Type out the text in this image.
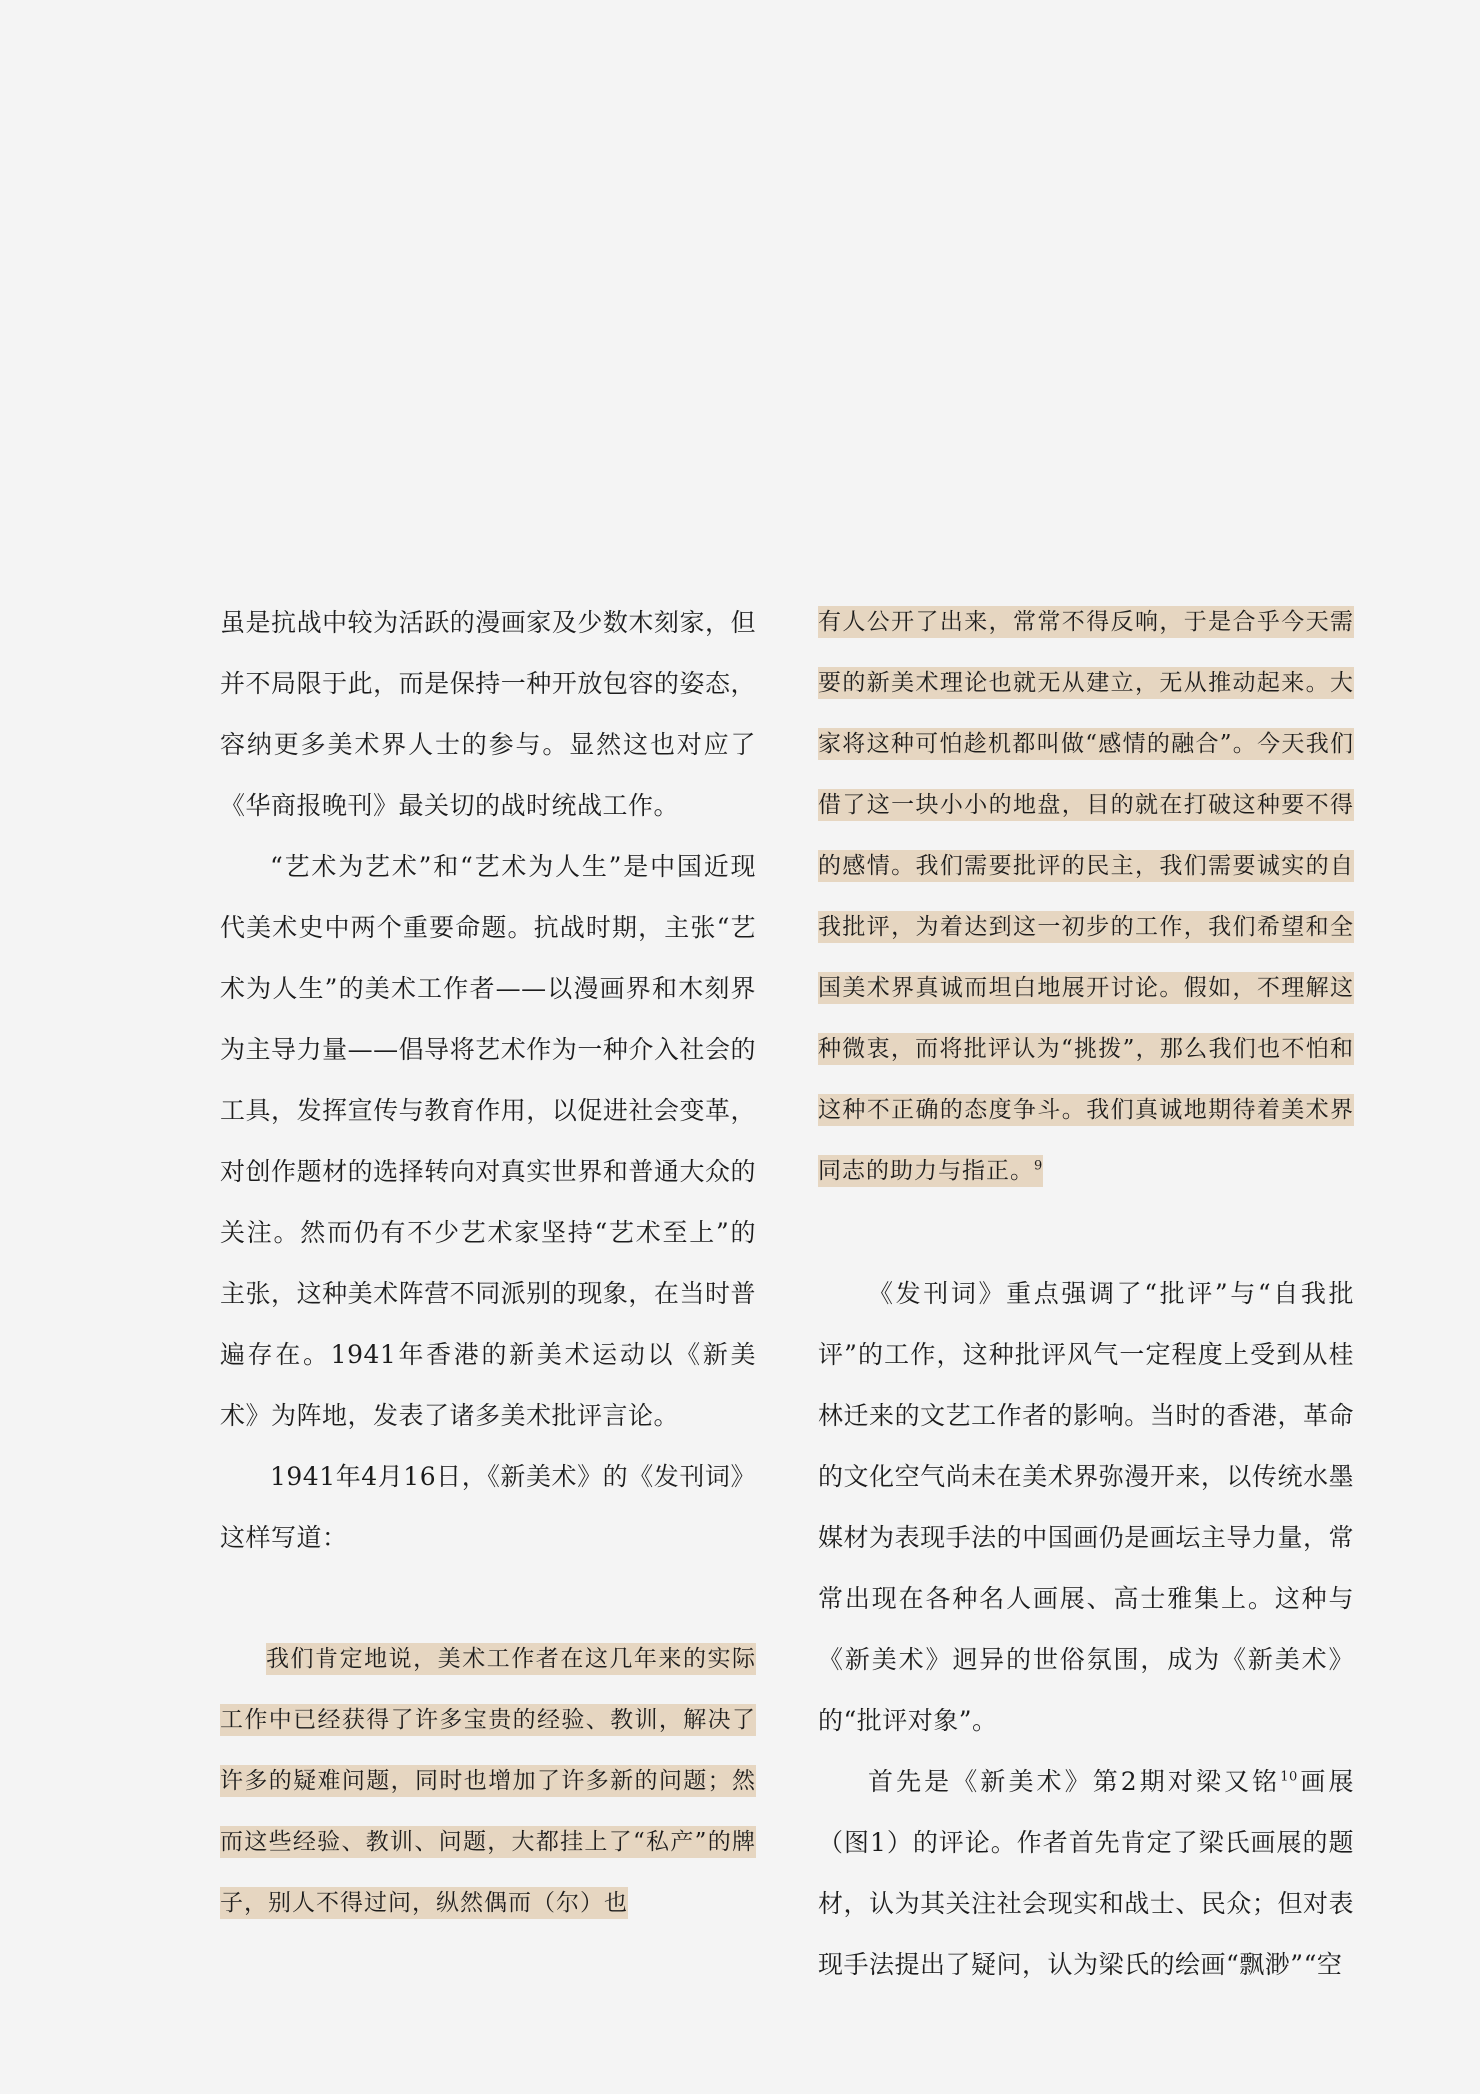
虽是抗战中较为活跃的漫画家及少数木刻家，但并不局限于此，而是保持一种开放包容的姿态，容纳更多美术界人士的参与。显然这也对应了《华商报晚刊》最关切的战时统战工作。

“艺术为艺术”和“艺术为人生”是中国近现代美术史中两个重要命题。抗战时期，主张“艺术为人生”的美术工作者——以漫画界和木刻界为主导力量——倡导将艺术作为一种介入社会的工具，发挥宣传与教育作用，以促进社会变革，对创作题材的选择转向对真实世界和普通大众的关注。然而仍有不少艺术家坚持“艺术至上”的主张，这种美术阵营不同派别的现象，在当时普遍存在。1941年香港的新美术运动以《新美术》为阵地，发表了诸多美术批评言论。

1941年4月16日，《新美术》的《发刊词》这样写道：

我们肯定地说，美术工作者在这几年来的实际工作中已经获得了许多宝贵的经验、教训，解决了许多的疑难问题，同时也增加了许多新的问题；然而这些经验、教训、问题，大都挂上了“私产”的牌子，别人不得过问，纵然偶而（尔）也

有人公开了出来，常常不得反响，于是合乎今天需要的新美术理论也就无从建立，无从推动起来。大家将这种可怕趁机都叫做“感情的融合”。今天我们借了这一块小小的地盘，目的就在打破这种要不得的感情。我们需要批评的民主，我们需要诚实的自我批评，为着达到这一初步的工作，我们希望和全国美术界真诚而坦白地展开讨论。假如，不理解这种微衷，而将批评认为“挑拨”，那么我们也不怕和这种不正确的态度争斗。我们真诚地期待着美术界同志的助力与指正。$^9$

《发刊词》重点强调了“批评”与“自我批评”的工作，这种批评风气一定程度上受到从桂林迁来的文艺工作者的影响。当时的香港，革命的文化空气尚未在美术界弥漫开来，以传统水墨媒材为表现手法的中国画仍是画坛主导力量，常常出现在各种名人画展、高士雅集上。这种与《新美术》迥异的世俗氛围，成为《新美术》的“批评对象”。

首先是《新美术》第2期对梁又铭$^{10}$画展（图1）的评论。作者首先肯定了梁氏画展的题材，认为其关注社会现实和战士、民众；但对表现手法提出了疑问，认为梁氏的绘画“飘渺”“空
